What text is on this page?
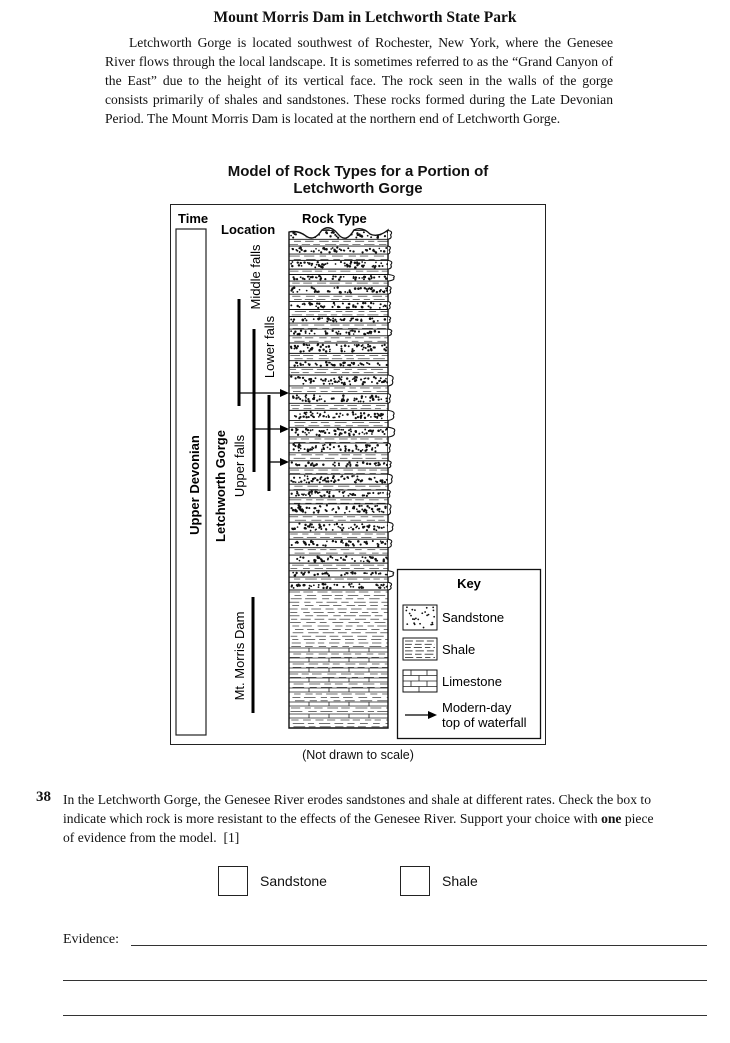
Mount Morris Dam in Letchworth State Park

Letchworth Gorge is located southwest of Rochester, New York, where the Genesee River flows through the local landscape. It is sometimes referred to as the “Grand Canyon of the East” due to the height of its vertical face. The rock seen in the walls of the gorge consists primarily of shales and sandstones. These rocks formed during the Late Devonian Period. The Mount Morris Dam is located at the northern end of Letchworth Gorge.

Model of Rock Types for a Portion of
Letchworth Gorge
Time
Location
Rock Type
Upper Devonian Letchworth Gorge Upper falls
Middle falls
Lower falls
Mt. Morris Dam
Key
Sandstone
Shale
Limestone
Modern-day
top of waterfall
(Not drawn to scale)
38 In the Letchworth Gorge, the Genesee River erodes sandstones and shale at different rates. Check the box to indicate which rock is more resistant to the effects of the Genesee River. Support your choice with one piece of evidence from the model. [1]

Sandstone	Shale
Evidence:
